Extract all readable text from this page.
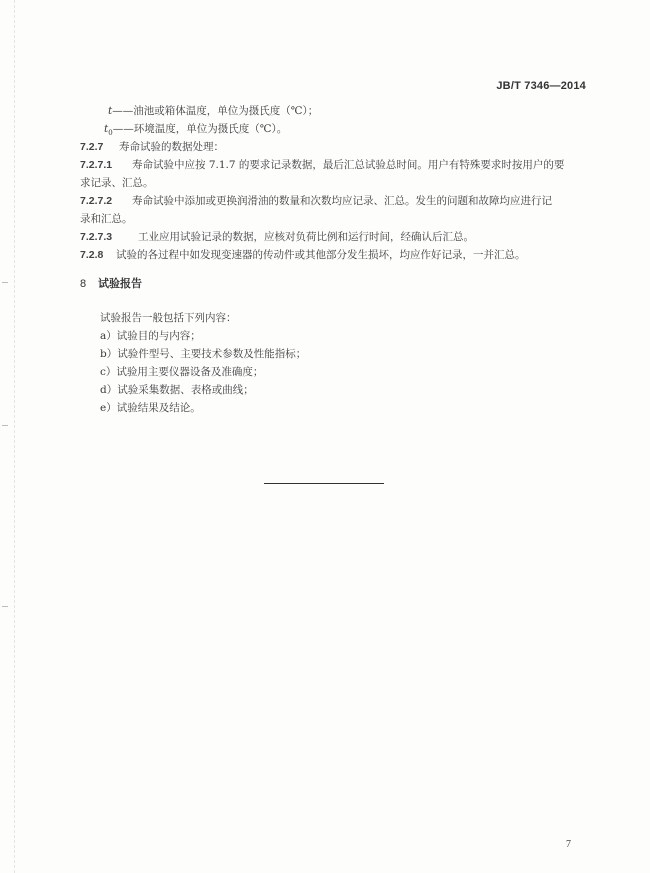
JB/T 7346—2014
t——油池或箱体温度，单位为摄氏度（℃）；
$t_0——$环境温度，单位为摄氏度（℃）。
7.2.7 寿命试验的数据处理：
7.2.7.1 寿命试验中应按 7.1.7 的要求记录数据，最后汇总试验总时间。用户有特殊要求时按用户的要
求记录、汇总。
7.2.7.2 寿命试验中添加或更换润滑油的数量和次数均应记录、汇总。发生的问题和故障均应进行记
录和汇总。
7.2.7.3 工业应用试验记录的数据，应核对负荷比例和运行时间，经确认后汇总。
7.2.8 试验的各过程中如发现变速器的传动件或其他部分发生损坏，均应作好记录，一并汇总。
8 试验报告
试验报告一般包括下列内容：
a）试验目的与内容；
b）试验件型号、主要技术参数及性能指标；
c）试验用主要仪器设备及准确度；
d）试验采集数据、表格或曲线；
e）试验结果及结论。
7
